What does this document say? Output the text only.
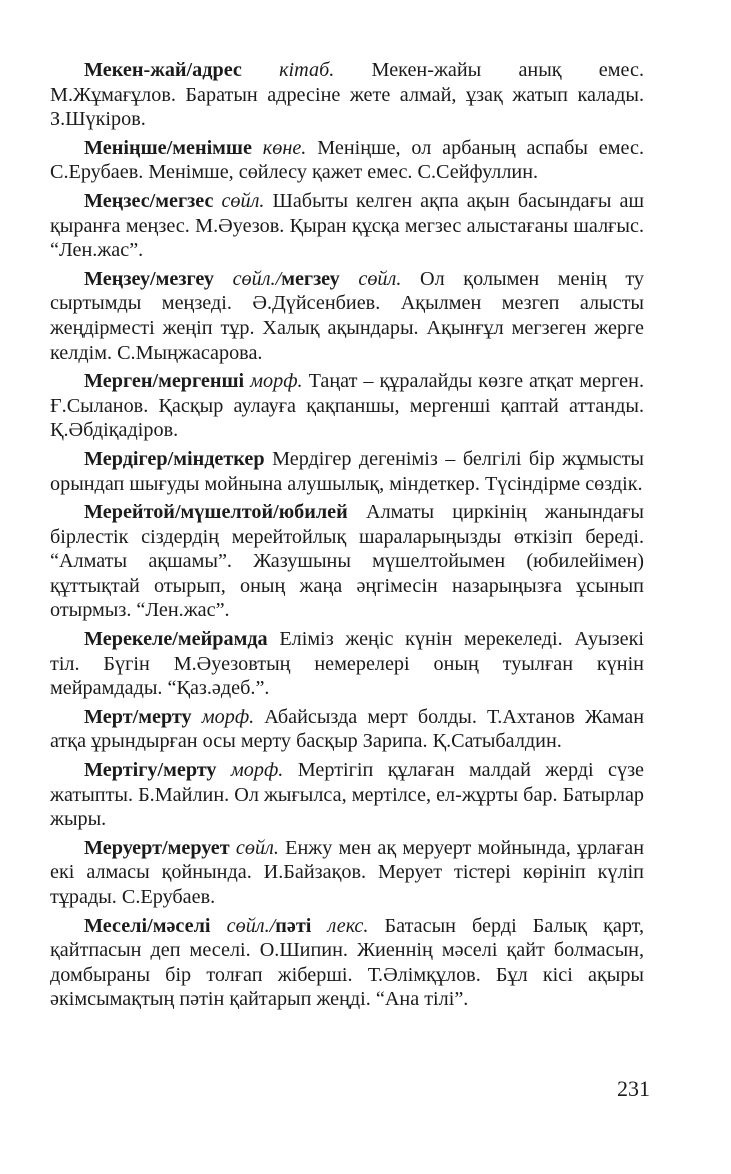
Мекен-жай/адрес кітаб. Мекен-жайы анық емес. М.Жұмағұлов. Баратын адресіне жете алмай, ұзақ жатып калады. З.Шүкіров.

Менiңше/менiмше көне. Менiңше, ол арбаның аспабы емес. С.Ерубаев. Менiмше, сөйлесу қажет емес. С.Сейфуллин.

Меңзес/мегзес сөйл. Шабыты келген ақпа ақын басындағы аш қыранға меңзес. М.Әуезов. Қыран құсқа мегзес алыстағаны шалғыс. “Лен.жас”.

Меңзеу/мезгеу сөйл./мегзеу сөйл. Ол қолымен менің ту сыртымды меңзедi. Ә.Дүйсенбиев. Ақылмен мезгеп алысты жеңдiрместi жеңiп тұр. Халық ақындары. Ақынғұл мегзеген жерге келдiм. С.Мыңжасарова.

Мерген/мергеншi морф. Таңат – құралайды көзге атқат мерген. Ғ.Сыланов. Қасқыр аулауға қақпаншы, мергеншi қаптай аттанды. Қ.Әбдiқадiров.

Мердiгер/мiндеткер Мердiгер дегенiмiз – белгiлi бiр жұмысты орындап шығуды мойнына алушылық, мiндеткер. Түсiндiрме сөздiк.

Мерейтой/мүшелтой/юбилей Алматы циркiнiң жанындағы бiрлестiк сiздердiң мерейтойлық шараларыңызды өткiзiп бередi. “Алматы ақшамы”. Жазушыны мүшелтойымен (юбилейiмен) құттықтай отырып, оның жаңа әңгiмесiн назарыңызға ұсынып отырмыз. “Лен.жас”.

Мерекеле/мейрамда Елiмiз жеңiс күнiн мерекеледi. Ауызекi тiл. Бүгiн М.Әуезовтың немерелерi оның туылған күнiн мейрамдады. “Қаз.әдеб.”.

Мерт/мерту морф. Абайсызда мерт болды. Т.Ахтанов Жаман атқа ұрындырған осы мерту басқыр Зарипа. Қ.Сатыбалдин.

Мертiгу/мерту морф. Мертiгiп құлаған малдай жердi сүзе жатыпты. Б.Майлин. Ол жығылса, мертiлсе, ел-жұрты бар. Батырлар жыры.

Меруерт/мерует сөйл. Енжу мен ақ меруерт мойнында, ұрлаған екi алмасы қойнында. И.Байзақов. Мерует тiстерi көрiнiп күлiп тұрады. С.Ерубаев.

Меселi/мәселi сөйл./пәтi лекс. Батасын бердi Балық қарт, қайтпасын деп меселi. О.Шипин. Жиеннiң мәселi қайт болмасын, домбыраны бiр толғап жiбершi. Т.Әлiмқұлов. Бұл кiсi ақыры әкiмсымақтың пәтiн қайтарып жеңдi. “Ана тiлi”.

231
